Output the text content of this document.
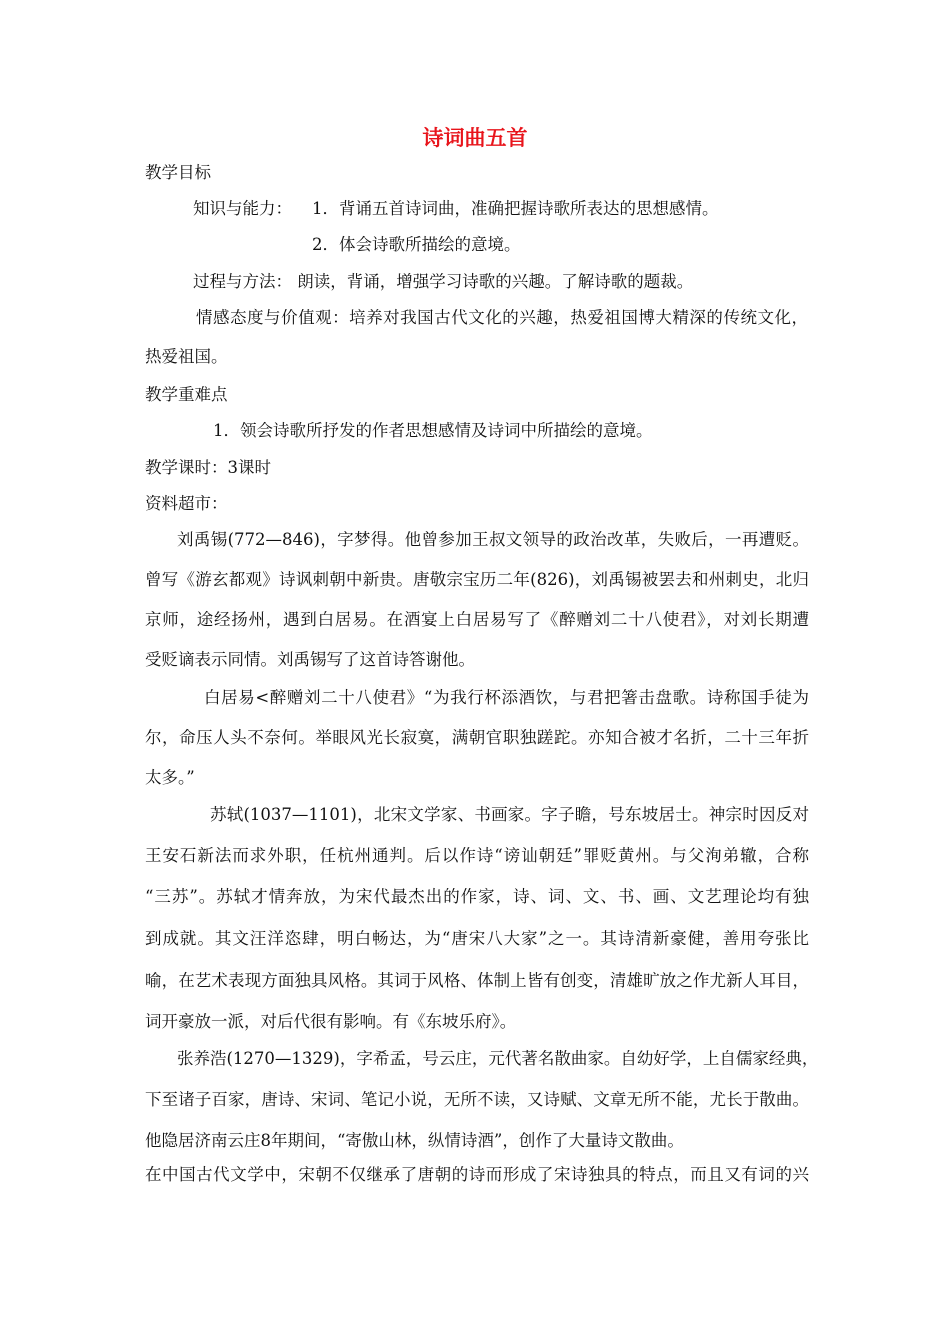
诗词曲五首
教学目标
知识与能力： 1．背诵五首诗词曲，准确把握诗歌所表达的思想感情。
2．体会诗歌所描绘的意境。
过程与方法： 朗读，背诵，增强学习诗歌的兴趣。了解诗歌的题裁。
情感态度与价值观：培养对我国古代文化的兴趣，热爱祖国博大精深的传统文化，
热爱祖国。
教学重难点
1．领会诗歌所抒发的作者思想感情及诗词中所描绘的意境。
教学课时：3课时
资料超市：
刘禹锡(772—846)，字梦得。他曾参加王叔文领导的政治改革，失败后，一再遭贬。
曾写《游玄都观》诗讽刺朝中新贵。唐敬宗宝历二年(826)，刘禹锡被罢去和州刺史，北归
京师，途经扬州，遇到白居易。在酒宴上白居易写了《醉赠刘二十八使君》，对刘长期遭
受贬谪表示同情。刘禹锡写了这首诗答谢他。
白居易<醉赠刘二十八使君》“为我行杯添酒饮，与君把箸击盘歌。诗称国手徒为
尔，命压人头不奈何。举眼风光长寂寞，满朝官职独蹉跎。亦知合被才名折，二十三年折
太多。”
苏轼(1037—1101)，北宋文学家、书画家。字子瞻，号东坡居士。神宗时因反对
王安石新法而求外职，任杭州通判。后以作诗“谤讪朝廷”罪贬黄州。与父洵弟辙，合称
“三苏”。苏轼才情奔放，为宋代最杰出的作家，诗、词、文、书、画、文艺理论均有独
到成就。其文汪洋恣肆，明白畅达，为“唐宋八大家”之一。其诗清新豪健，善用夸张比
喻，在艺术表现方面独具风格。其词于风格、体制上皆有创变，清雄旷放之作尤新人耳目，
词开豪放一派，对后代很有影响。有《东坡乐府》。
张养浩(1270—1329)，字希孟，号云庄，元代著名散曲家。自幼好学，上自儒家经典，
下至诸子百家，唐诗、宋词、笔记小说，无所不读，又诗赋、文章无所不能，尤长于散曲。
他隐居济南云庄8年期间，“寄傲山林，纵情诗酒”，创作了大量诗文散曲。
在中国古代文学中，宋朝不仅继承了唐朝的诗而形成了宋诗独具的特点，而且又有词的兴
